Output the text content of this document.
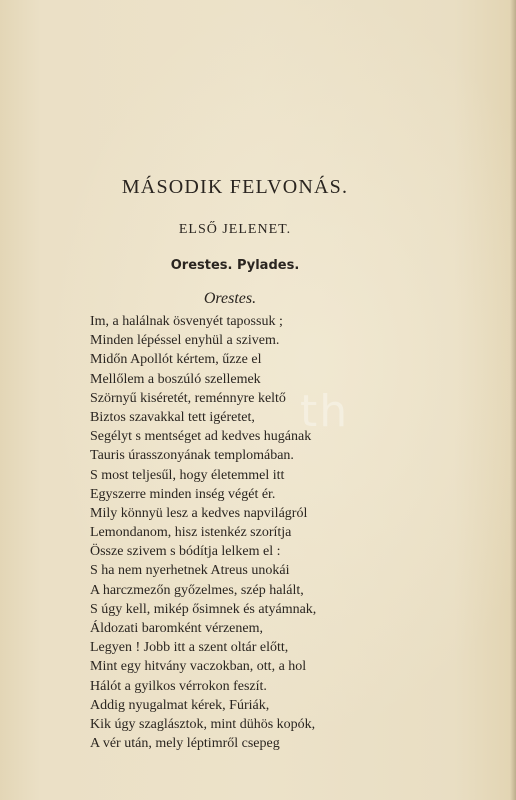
MÁSODIK FELVONÁS.
ELSŐ JELENET.

Orestes. Pylades.

Orestes.

Im, a halálnak ösvenyét tapossuk ;
Minden lépéssel enyhül a szivem.
Midőn Apollót kértem, űzze el
Mellőlem a boszúló szellemek
Szörnyű kiséretét, reménnyre keltő
Biztos szavakkal tett igéretet,
Segélyt s mentséget ad kedves hugának
Tauris úrasszonyának templomában.
S most teljesűl, hogy életemmel itt
Egyszerre minden inség végét ér.
Mily könnyü lesz a kedves napvilágról
Lemondanom, hisz istenkéz szorítja
Össze szivem s bódítja lelkem el :
S ha nem nyerhetnek Atreus unokái
A harczmezőn győzelmes, szép halált,
S úgy kell, mikép ősimnek és atyámnak,
Áldozati baromként vérzenem,
Legyen ! Jobb itt a szent oltár előtt,
Mint egy hitvány vaczokban, ott, a hol
Hálót a gyilkos vérrokon feszít.
Addig nyugalmat kérek, Fúriák,
Kik úgy szaglásztok, mint dühös kopók,
A vér után, mely léptimről csepeg

th
